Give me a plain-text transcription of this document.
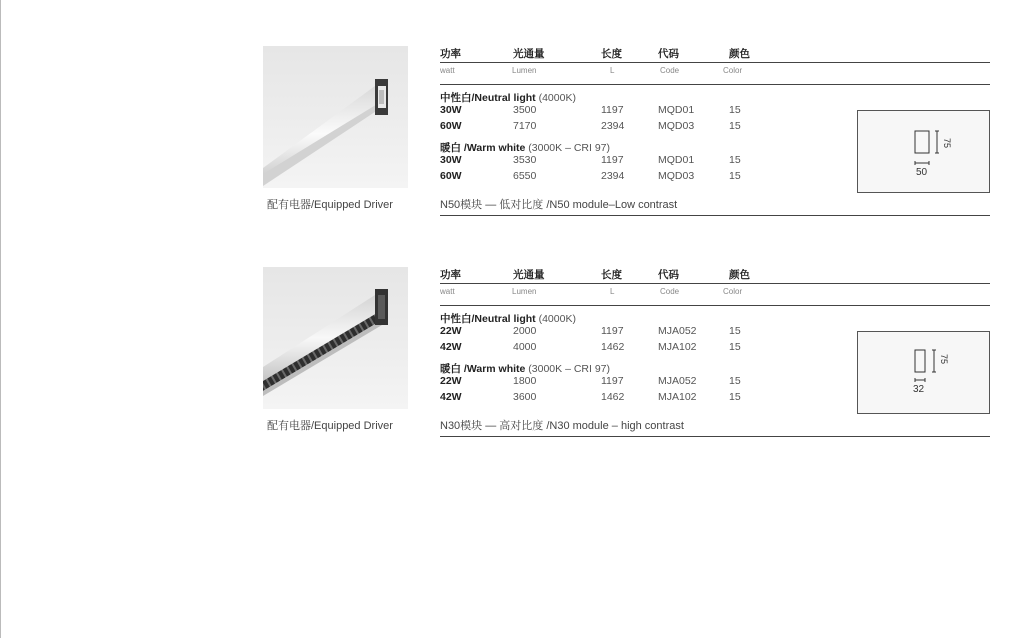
配有电器/Equipped Driver
功率	光通量	长度	代码	颜色
watt	Lumen	L	Code	Color
中性白/Neutral light (4000K)
30W	3500	1197	MQD01	15
60W	7170	2394	MQD03	15
暖白 /Warm white (3000K – CRI 97)
30W	3530	1197	MQD01	15
60W	6550	2394	MQD03	15
N50模块 — 低对比度 /N50 module–Low contrast
75
50
配有电器/Equipped Driver
功率	光通量	长度	代码	颜色
watt	Lumen	L	Code	Color
中性白/Neutral light (4000K)
22W	2000	1197	MJA052	15
42W	4000	1462	MJA102	15
暖白 /Warm white (3000K – CRI 97)
22W	1800	1197	MJA052	15
42W	3600	1462	MJA102	15
N30模块 — 高对比度 /N30 module – high contrast
75
32
